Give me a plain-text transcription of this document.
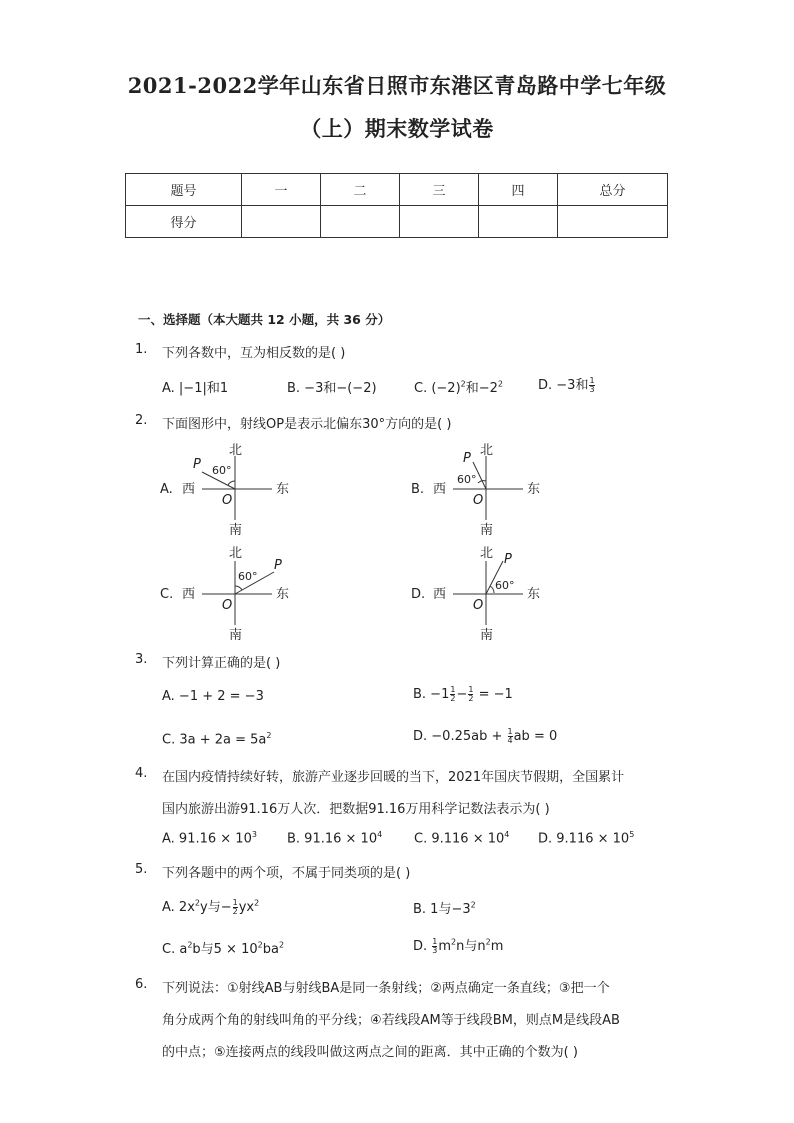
2021-2022学年山东省日照市东港区青岛路中学七年级
（上）期末数学试卷
题号	一	二	三	四	总分
得分					
一、选择题（本大题共 12 小题，共 36 分）
1. 下列各数中，互为相反数的是( )
A. |−1|和1	B. −3和−(−2)	C. $(-2)^2$和$-2^2$	D. −3和 $\frac{1}{3}$
2. 下面图形中，射线OP是表示北偏东30°方向的是( )
A. 西
北
南
东
O
P 60°
B. 西
北
南
东
O
P
60°
C. 西
北
南
东
O
P
60°
D. 西
北
南
东
O
P
60°
3. 下列计算正确的是( )
A. −1 + 2 = −3	B. $-1 \frac{1}{2} - \frac{1}{2} = -1$
C. $3a + 2a = 5a^2$	D. $-0.25ab + \frac{1}{4}$ ab = 0
4. 在国内疫情持续好转，旅游产业逐步回暖的当下，2021年国庆节假期，全国累计
国内旅游出游91.16万人次．把数据91.16万用科学记数法表示为( )
A. $91.16 \times 10^3$ B. $91.16 \times 10^4$ C. $9.116 \times 10^4$ D. $9.116 \times 10^5$
5. 下列各题中的两个项，不属于同类项的是( )
A. $2x^2y$与− $\frac{1}{2} yx^2$	B. 1与$-3^2$
C. $a^2b$与$5 \times 10^2ba^2$	D. $\frac{1}{3} m^2n$与$n^2m$
6. 下列说法：①射线AB与射线BA是同一条射线；②两点确定一条直线；③把一个
角分成两个角的射线叫角的平分线；④若线段AM等于线段BM，则点M是线段AB
的中点；⑤连接两点的线段叫做这两点之间的距离．其中正确的个数为( )
